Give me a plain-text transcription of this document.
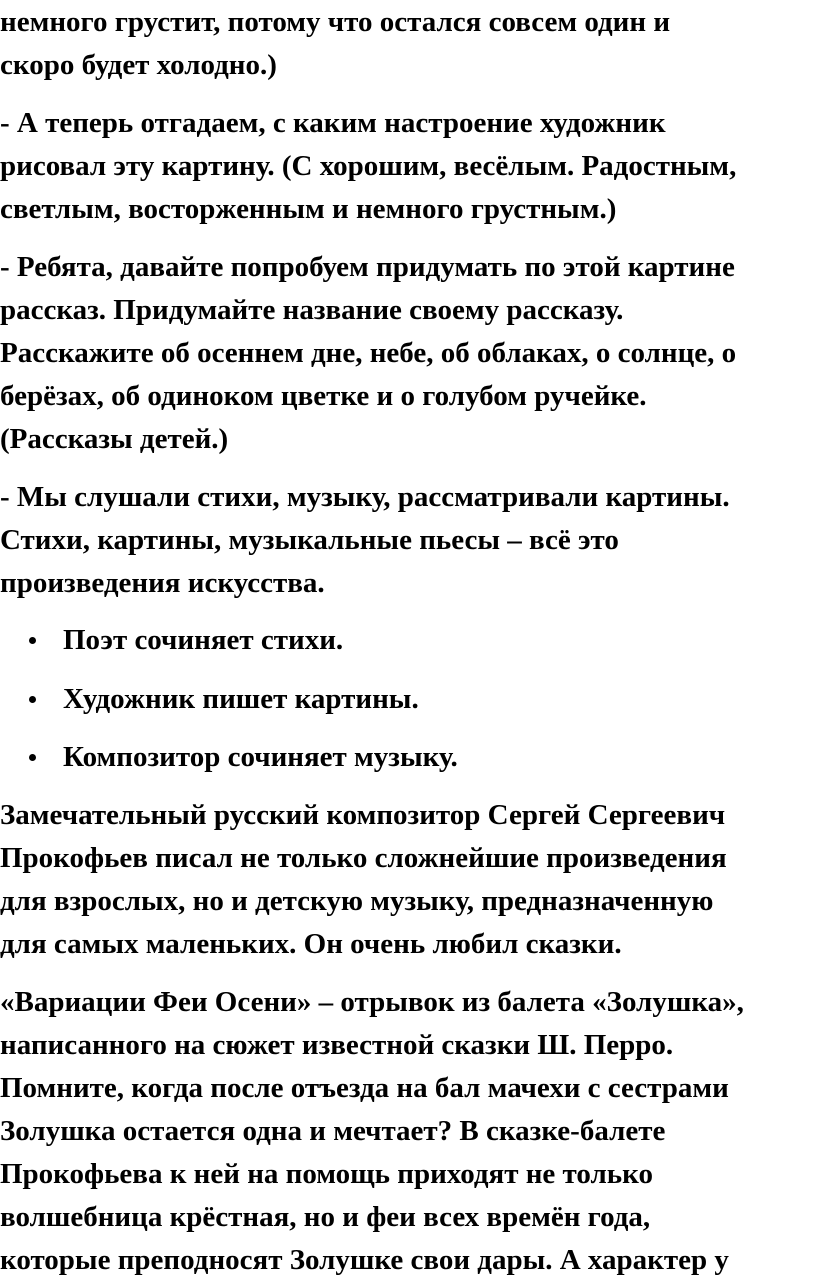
немного грустит, потому что остался совсем один и
скоро будет холодно.)
- А теперь отгадаем, с каким настроение художник
рисовал эту картину. (С хорошим, весёлым. Радостным,
светлым, восторженным и немного грустным.)
- Ребята, давайте попробуем придумать по этой картине
рассказ. Придумайте название своему рассказу.
Расскажите об осеннем дне, небе, об облаках, о солнце, о
берёзах, об одиноком цветке и о голубом ручейке.
(Рассказы детей.)
- Мы слушали стихи, музыку, рассматривали картины.
Стихи, картины, музыкальные пьесы – всё это
произведения искусства.
Поэт сочиняет стихи.
Художник пишет картины.
Композитор сочиняет музыку.
Замечательный русский композитор Сергей Сергеевич
Прокофьев писал не только сложнейшие произведения
для взрослых, но и детскую музыку, предназначенную
для самых маленьких. Он очень любил сказки.
«Вариации Феи Осени» – отрывок из балета «Золушка»,
написанного на сюжет известной сказки Ш. Перро.
Помните, когда после отъезда на бал мачехи с сестрами
Золушка остается одна и мечтает? В сказке-балете
Прокофьева к ней на помощь приходят не только
волшебница крёстная, но и феи всех времён года,
которые преподносят Золушке свои дары. А характер у
